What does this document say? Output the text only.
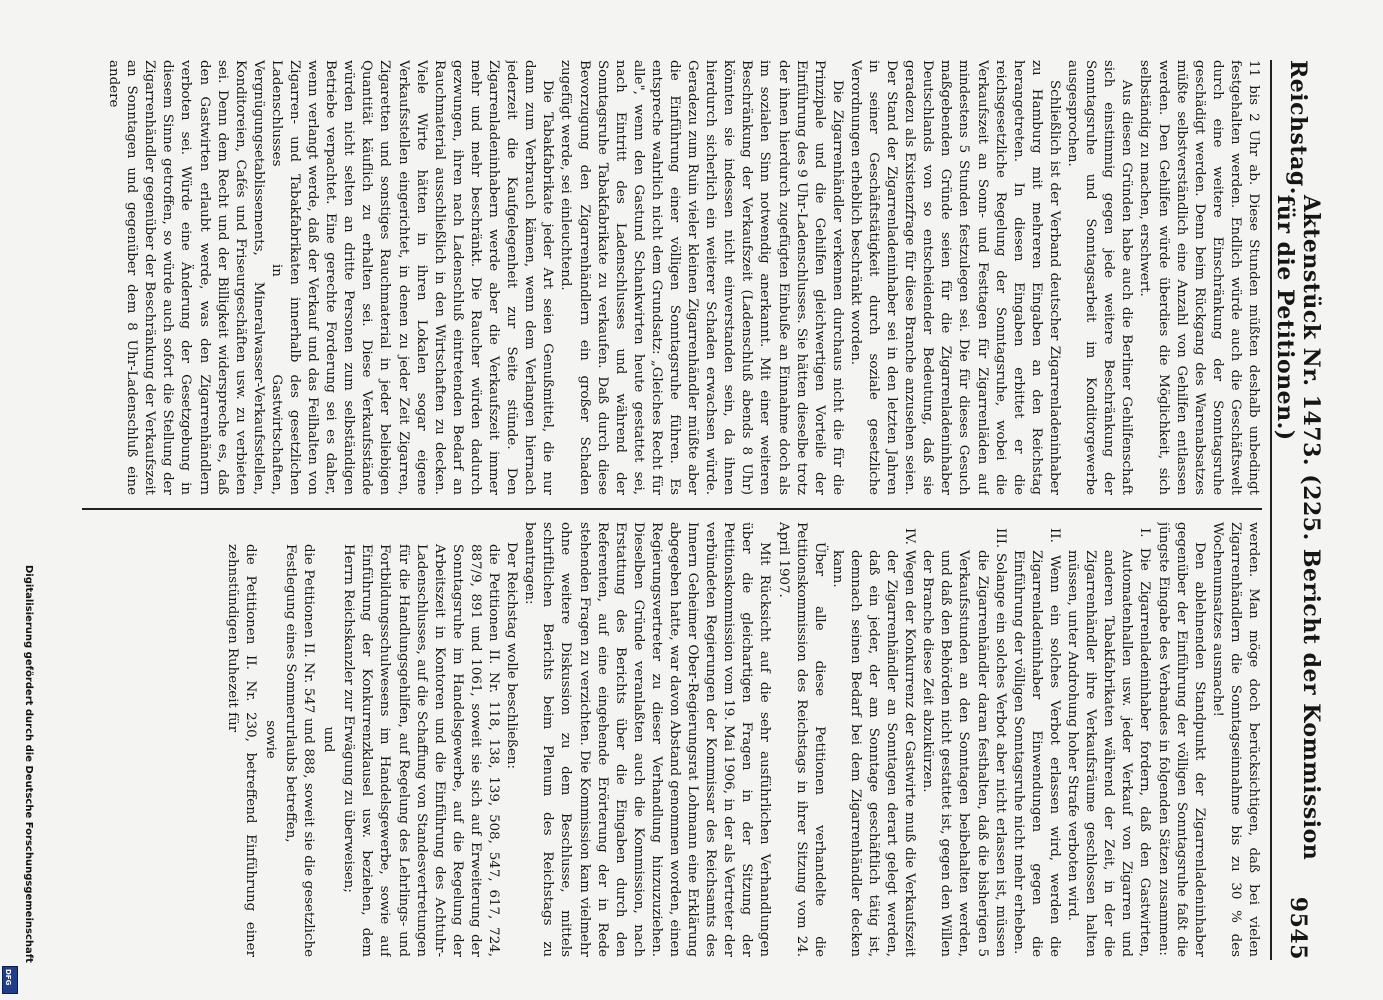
Digitalisierung gefördert durch die Deutsche Forschungsgemeinschaft
DFG
Reichstag.
Aktenstück Nr. 1473. (225. Bericht der Kommission für die Petitionen.)
9545

11 bis 2 Uhr ab. Diese Stunden müßten deshalb unbedingt festgehalten werden. Endlich würde auch die Geschäftswelt durch eine weitere Einschränkung der Sonntagsruhe geschädigt werden. Denn beim Rückgang des Warenabsatzes müßte selbstverständlich eine Anzahl von Gehilfen entlassen werden. Den Gehilfen würde überdies die Möglichkeit, sich selbständig zu machen, erschwert.

Aus diesen Gründen habe auch die Berliner Gehilfenschaft sich einstimmig gegen jede weitere Beschränkung der Sonntagsruhe und Sonntagsarbeit im Konditorgewerbe ausgesprochen.

Schließlich ist der Verband deutscher Zigarrenladeninhaber zu Hamburg mit mehreren Eingaben an den Reichstag herangetreten. In diesen Eingaben erbittet er die reichsgesetzliche Regelung der Sonntagsruhe, wobei die Verkaufszeit an Sonn- und Festtagen für Zigarrenläden auf mindestens 5 Stunden festzulegen sei. Die für dieses Gesuch maßgebenden Gründe seien für die Zigarrenladeninhaber Deutschlands von so entscheidender Bedeutung, daß sie geradezu als Existenzfrage für diese Branche anzusehen seien. Der Stand der Zigarrenladeninhaber sei in den letzten Jahren in seiner Geschäftstätigkeit durch soziale gesetzliche Verordnungen erheblich beschränkt worden.

Die Zigarrenhändler verkennen durchaus nicht die für die Prinzipale und die Gehilfen gleichwertigen Vorteile der Einführung des 9 Uhr-Ladenschlusses. Sie hätten dieselbe trotz der ihnen hierdurch zugefügten Einbuße an Einnahme doch als im sozialen Sinn notwendig anerkannt. Mit einer weiteren Beschränkung der Verkaufszeit (Ladenschluß abends 8 Uhr) könnten sie indessen nicht einverstanden sein, da ihnen hierdurch sicherlich ein weiterer Schaden erwachsen würde. Geradezu zum Ruin vieler kleinen Zigarrenhändler müßte aber die Einführung einer völligen Sonntagsruhe führen. Es entspreche wahrlich nicht dem Grundsatz: „Gleiches Recht für alle", wenn den Gastund Schankwirten heute gestattet sei, nach Eintritt des Ladenschlusses und während der Sonntagsruhe Tabakfabrikate zu verkaufen. Daß durch diese Bevorzugung den Zigarrenhändlern ein großer Schaden zugefügt werde, sei einleuchtend.

Die Tabakfabrikate jeder Art seien Genußmittel, die nur dann zum Verbrauch kämen, wenn dem Verlangen hiernach jederzeit die Kaufgelegenheit zur Seite stünde. Den Zigarrenladeninhabern werde aber die Verkaufszeit immer mehr und mehr beschränkt. Die Raucher würden dadurch gezwungen, ihren nach Ladenschluß eintretenden Bedarf an Rauchmaterial ausschließlich in den Wirtschaften zu decken. Viele Wirte hätten in ihren Lokalen sogar eigene Verkaufsstellen eingerichtet, in denen zu jeder Zeit Zigarren, Zigaretten und sonstiges Rauchmaterial in jeder beliebigen Quantität käuflich zu erhalten sei. Diese Verkaufsstände würden nicht selten an dritte Personen zum selbständigen Betriebe verpachtet. Eine gerechte Forderung sei es daher, wenn verlangt werde, daß der Verkauf und das Feilhalten von Zigarren- und Tabakfabrikaten innerhalb des gesetzlichen Ladenschlusses in Gastwirtschaften, Vergnügungsetablissements, Mineralwasser-Verkaufsstellen, Konditoreien, Cafés und Friseurgeschäften usw. zu verbieten sei. Denn dem Recht und der Billigkeit widerspreche es, daß den Gastwirten erlaubt werde, was den Zigarrenhändlern verboten sei. Würde eine Änderung der Gesetzgebung in diesem Sinne getroffen, so würde auch sofort die Stellung der Zigarrenhändler gegenüber der Beschränkung der Verkaufszeit an Sonntagen und gegenüber dem 8 Uhr-Ladenschluß eine andere

werden. Man möge doch berücksichtigen, daß bei vielen Zigarrenhändlern die Sonntagseinnahme bis zu 30 % des Wochenumsatzes ausmache!

Den ablehnenden Standpunkt der Zigarrenladeninhaber gegenüber der Einführung der völligen Sonntagsruhe faßt die jüngste Eingabe des Verbandes in folgenden Sätzen zusammen:

I. Die Zigarrenladeninhaber fordern, daß den Gastwirten, Automatenhallen usw. jeder Verkauf von Zigarren und anderen Tabakfabrikaten während der Zeit, in der die Zigarrenhändler ihre Verkaufsräume geschlossen halten müssen, unter Androhung hoher Strafe verboten wird.

II. Wenn ein solches Verbot erlassen wird, werden die Zigarrenladeninhaber Einwendungen gegen die Einführung der völligen Sonntagsruhe nicht mehr erheben.

III. Solange ein solches Verbot aber nicht erlassen ist, müssen die Zigarrenhändler daran festhalten, daß die bisherigen 5 Verkaufsstunden an den Sonntagen beibehalten werden, und daß den Behörden nicht gestattet ist, gegen den Willen der Branche diese Zeit abzukürzen.

IV. Wegen der Konkurrenz der Gastwirte muß die Verkaufszeit der Zigarrenhändler an Sonntagen derart gelegt werden, daß ein jeder, der am Sonntage geschäftlich tätig ist, demnach seinen Bedarf bei dem Zigarrenhändler decken kann.

Über alle diese Petitionen verhandelte die Petitionskommission des Reichstags in ihrer Sitzung vom 24. April 1907.

Mit Rücksicht auf die sehr ausführlichen Verhandlungen über die gleichartigen Fragen in der Sitzung der Petitionskommission vom 19. Mai 1906, in der als Vertreter der verbündeten Regierungen der Kommissar des Reichsamts des Innern Geheimer Ober-Regierungsrat Lohmann eine Erklärung abgegeben hatte, war davon Abstand genommen worden, einen Regierungsvertreter zu dieser Verhandlung hinzuzuziehen. Dieselben Gründe veranlaßten auch die Kommission, nach Erstattung des Berichts über die Eingaben durch den Referenten, auf eine eingehende Erörterung der in Rede stehenden Fragen zu verzichten. Die Kommission kam vielmehr ohne weitere Diskussion zu dem Beschlusse, mittels schriftlichen Berichts beim Plenum des Reichstags zu beantragen:

Der Reichstag wolle beschließen:

die Petitionen II. Nr. 118, 138, 139, 508, 547, 617, 724, 887/9, 891 und 1061, soweit sie sich auf Erweiterung der Sonntagsruhe im Handelsgewerbe, auf die Regelung der Arbeitszeit in Kontoren und die Einführung des Achtuhr-Ladenschlusses, auf die Schaffung von Standesvertretungen für die Handlungsgehilfen, auf Regelung des Lehrlings- und Fortbildungsschulwesens im Handelsgewerbe, sowie auf Einführung der Konkurrenzklausel usw. beziehen, dem Herrn Reichskanzler zur Erwägung zu überweisen;

und

die Petitionen II. Nr. 547 und 888, soweit sie die gesetzliche Festlegung eines Sommerurlaubs betreffen,

sowie

die Petitionen II. Nr. 230, betreffend Einführung einer zehnstündigen Ruhezeit für
